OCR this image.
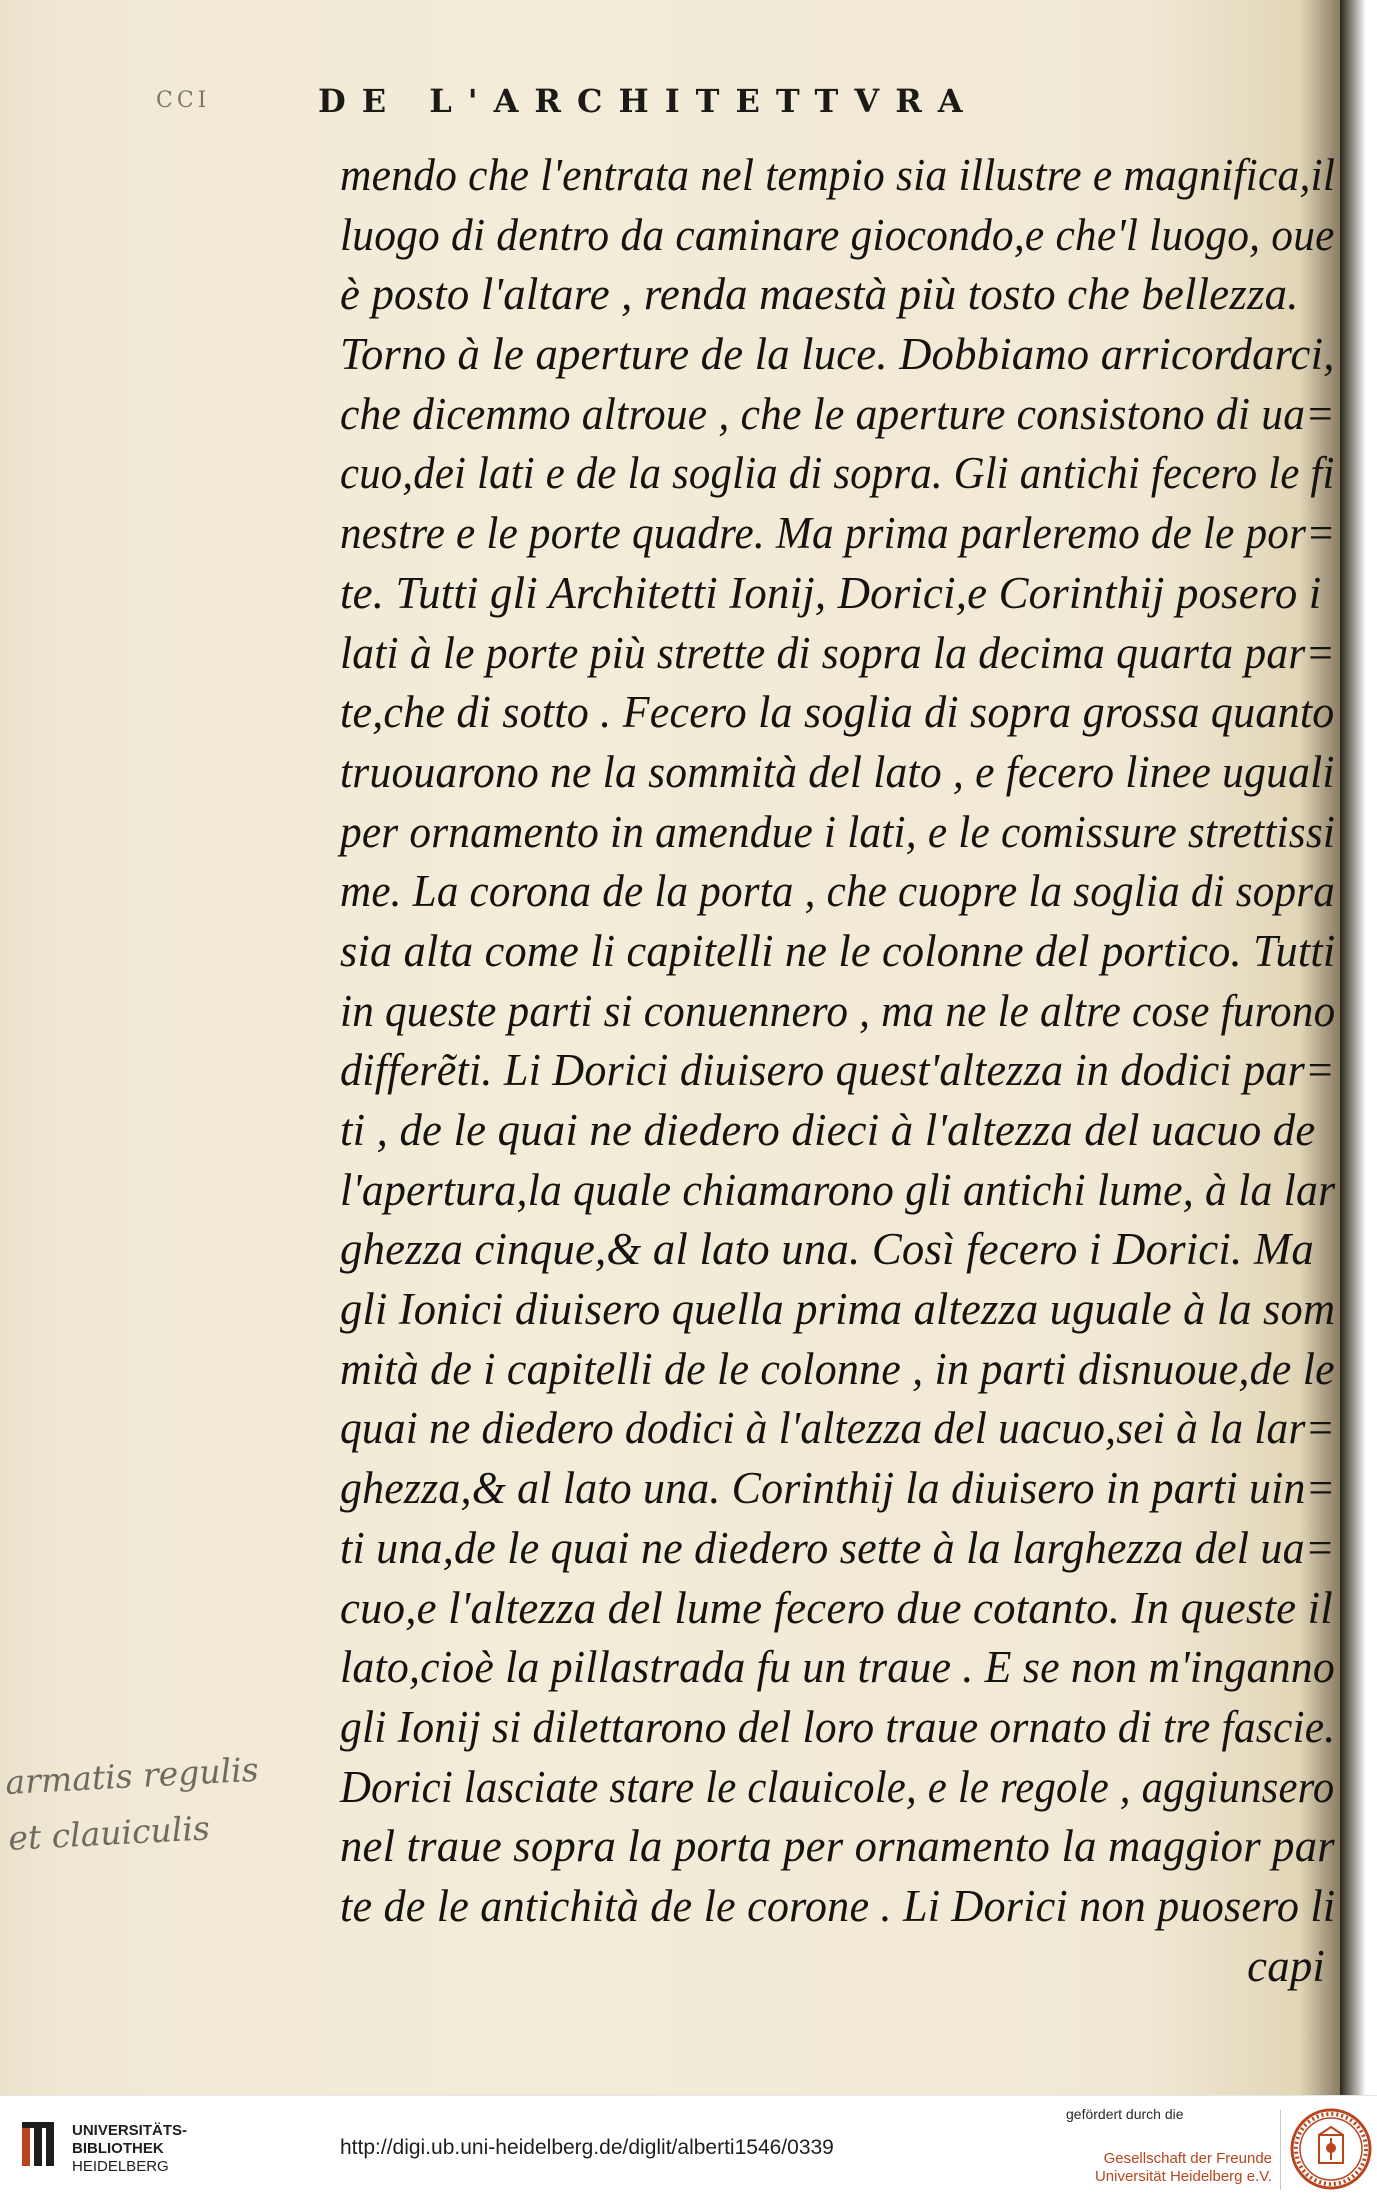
CCI	DE L'ARCHITETTVRA
mendo che l'entrata nel tempio sia illustre e magnifica,il
luogo di dentro da caminare giocondo,e che'l luogo, oue
è posto l'altare , renda maestà più tosto che bellezza.
Torno à le aperture de la luce. Dobbiamo arricordarci,
che dicemmo altroue , che le aperture consistono di ua=
cuo,dei lati e de la soglia di sopra. Gli antichi fecero le fi
nestre e le porte quadre. Ma prima parleremo de le por=
te. Tutti gli Architetti Ionij, Dorici,e Corinthij posero i
lati à le porte più strette di sopra la decima quarta par=
te,che di sotto . Fecero la soglia di sopra grossa quanto
truouarono ne la sommità del lato , e fecero linee uguali
per ornamento in amendue i lati, e le comissure strettissi
me. La corona de la porta , che cuopre la soglia di sopra
sia alta come li capitelli ne le colonne del portico. Tutti
in queste parti si conuennero , ma ne le altre cose furono
differẽti. Li Dorici diuisero quest'altezza in dodici par=
ti , de le quai ne diedero dieci à l'altezza del uacuo de
l'apertura,la quale chiamarono gli antichi lume, à la lar
ghezza cinque,& al lato una. Così fecero i Dorici. Ma
gli Ionici diuisero quella prima altezza uguale à la som
mità de i capitelli de le colonne , in parti disnuoue,de le
quai ne diedero dodici à l'altezza del uacuo,sei à la lar=
ghezza,& al lato una. Corinthij la diuisero in parti uin=
ti una,de le quai ne diedero sette à la larghezza del ua=
cuo,e l'altezza del lume fecero due cotanto. In queste il
lato,cioè la pillastrada fu un traue . E se non m'inganno
gli Ionij si dilettarono del loro traue ornato di tre fascie.
Dorici lasciate stare le clauicole, e le regole , aggiunsero
nel traue sopra la porta per ornamento la maggior par
te de le antichità de le corone . Li Dorici non puosero li
capi
armatis regulis
et clauiculis
UNIVERSITÄTS-
BIBLIOTHEK
HEIDELBERG
http://digi.ub.uni-heidelberg.de/diglit/alberti1546/0339
gefördert durch die
Gesellschaft der Freunde
Universität Heidelberg e.V.
